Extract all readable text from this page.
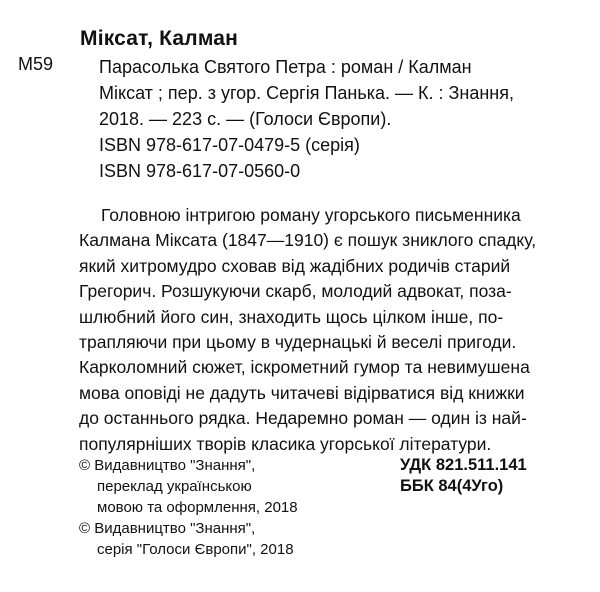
Міксат, Калман
М59	Парасолька Святого Петра : роман / Калман
Міксат ; пер. з угор. Сергія Панька. — К. : Знання,
2018. — 223 с. — (Голоси Європи).
ISBN 978-617-07-0479-5 (серія)
ISBN 978-617-07-0560-0
Головною інтригою роману угорського письменника
Калмана Міксата (1847—1910) є пошук зниклого спадку,
який хитромудро сховав від жадібних родичів старий
Грегорич. Розшукуючи скарб, молодий адвокат, поза-
шлюбний його син, знаходить щось цілком інше, по-
трапляючи при цьому в чудернацькі й веселі пригоди.
Карколомний сюжет, іскрометний гумор та невимушена
мова оповіді не дадуть читачеві відірватися від книжки
до останнього рядка. Недаремно роман — один із най-
популярніших творів класика угорської літератури.
© Видавництво "Знання",
переклад українською
мовою та оформлення, 2018
© Видавництво "Знання",
серія "Голоси Європи", 2018
УДК 821.511.141
ББК 84(4Уго)
